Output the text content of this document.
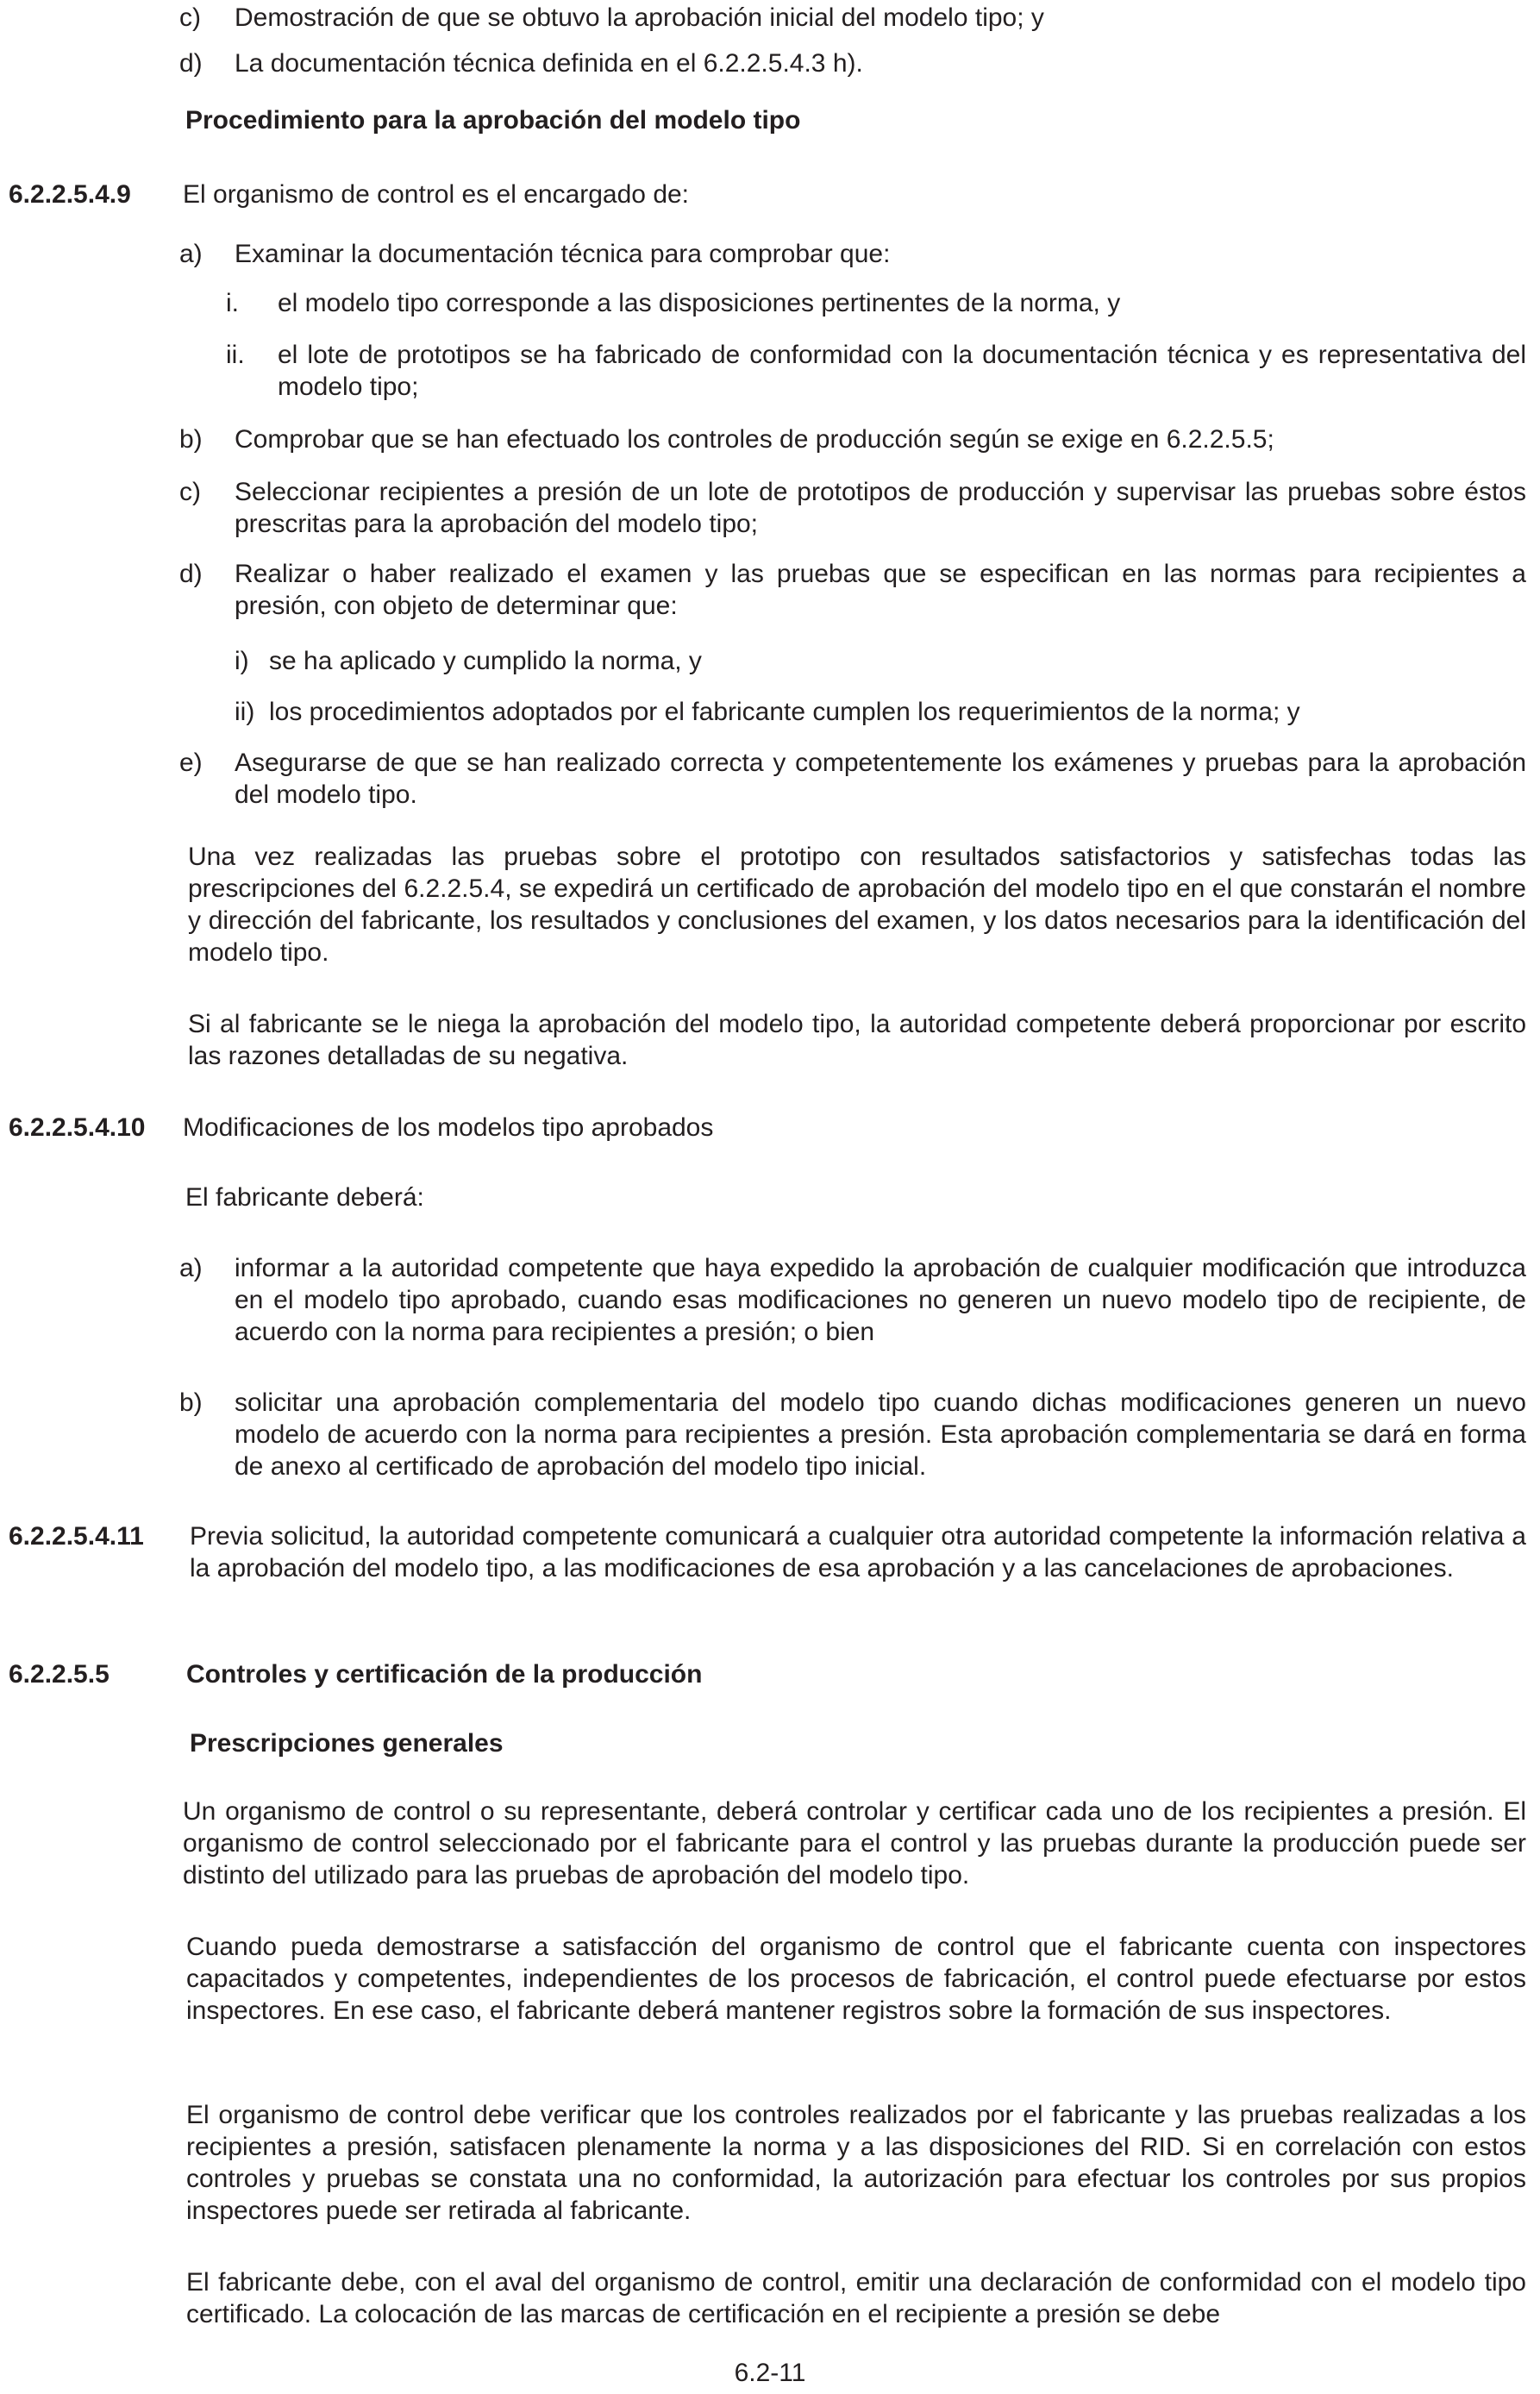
c)	Demostración de que se obtuvo la aprobación inicial del modelo tipo; y

d)	La documentación técnica definida en el 6.2.2.5.4.3 h).

Procedimiento para la aprobación del modelo tipo

6.2.2.5.4.9	El organismo de control es el encargado de:

a)	Examinar la documentación técnica para comprobar que:

i.	el modelo tipo corresponde a las disposiciones pertinentes de la norma, y

ii.	el lote de prototipos se ha fabricado de conformidad con la documentación técnica y es representativa del modelo tipo;

b)	Comprobar que se han efectuado los controles de producción según se exige en 6.2.2.5.5;

c)	Seleccionar recipientes a presión de un lote de prototipos de producción y supervisar las pruebas sobre éstos prescritas para la aprobación del modelo tipo;

d)	Realizar o haber realizado el examen y las pruebas que se especifican en las normas para recipientes a presión, con objeto de determinar que:

i) se ha aplicado y cumplido la norma, y

ii) los procedimientos adoptados por el fabricante cumplen los requerimientos de la norma; y

e)	Asegurarse de que se han realizado correcta y competentemente los exámenes y pruebas para la aprobación del modelo tipo.

Una vez realizadas las pruebas sobre el prototipo con resultados satisfactorios y satisfechas todas las prescripciones del 6.2.2.5.4, se expedirá un certificado de aprobación del modelo tipo en el que constarán el nombre y dirección del fabricante, los resultados y conclusiones del examen, y los datos necesarios para la identificación del modelo tipo.

Si al fabricante se le niega la aprobación del modelo tipo, la autoridad competente deberá proporcionar por escrito las razones detalladas de su negativa.

6.2.2.5.4.10	Modificaciones de los modelos tipo aprobados

El fabricante deberá:

a)	informar a la autoridad competente que haya expedido la aprobación de cualquier modificación que introduzca en el modelo tipo aprobado, cuando esas modificaciones no generen un nuevo modelo tipo de recipiente, de acuerdo con la norma para recipientes a presión; o bien

b)	solicitar una aprobación complementaria del modelo tipo cuando dichas modificaciones generen un nuevo modelo de acuerdo con la norma para recipientes a presión. Esta aprobación complementaria se dará en forma de anexo al certificado de aprobación del modelo tipo inicial.

6.2.2.5.4.11	Previa solicitud, la autoridad competente comunicará a cualquier otra autoridad competente la información relativa a la aprobación del modelo tipo, a las modificaciones de esa aprobación y a las cancelaciones de aprobaciones.

6.2.2.5.5	Controles y certificación de la producción

Prescripciones generales

Un organismo de control o su representante, deberá controlar y certificar cada uno de los recipientes a presión. El organismo de control seleccionado por el fabricante para el control y las pruebas durante la producción puede ser distinto del utilizado para las pruebas de aprobación del modelo tipo.

Cuando pueda demostrarse a satisfacción del organismo de control que el fabricante cuenta con inspectores capacitados y competentes, independientes de los procesos de fabricación, el control puede efectuarse por estos inspectores. En ese caso, el fabricante deberá mantener registros sobre la formación de sus inspectores.

El organismo de control debe verificar que los controles realizados por el fabricante y las pruebas realizadas a los recipientes a presión, satisfacen plenamente la norma y a las disposiciones del RID. Si en correlación con estos controles y pruebas se constata una no conformidad, la autorización para efectuar los controles por sus propios inspectores puede ser retirada al fabricante.

El fabricante debe, con el aval del organismo de control, emitir una declaración de conformidad con el modelo tipo certificado. La colocación de las marcas de certificación en el recipiente a presión se debe

6.2-11
